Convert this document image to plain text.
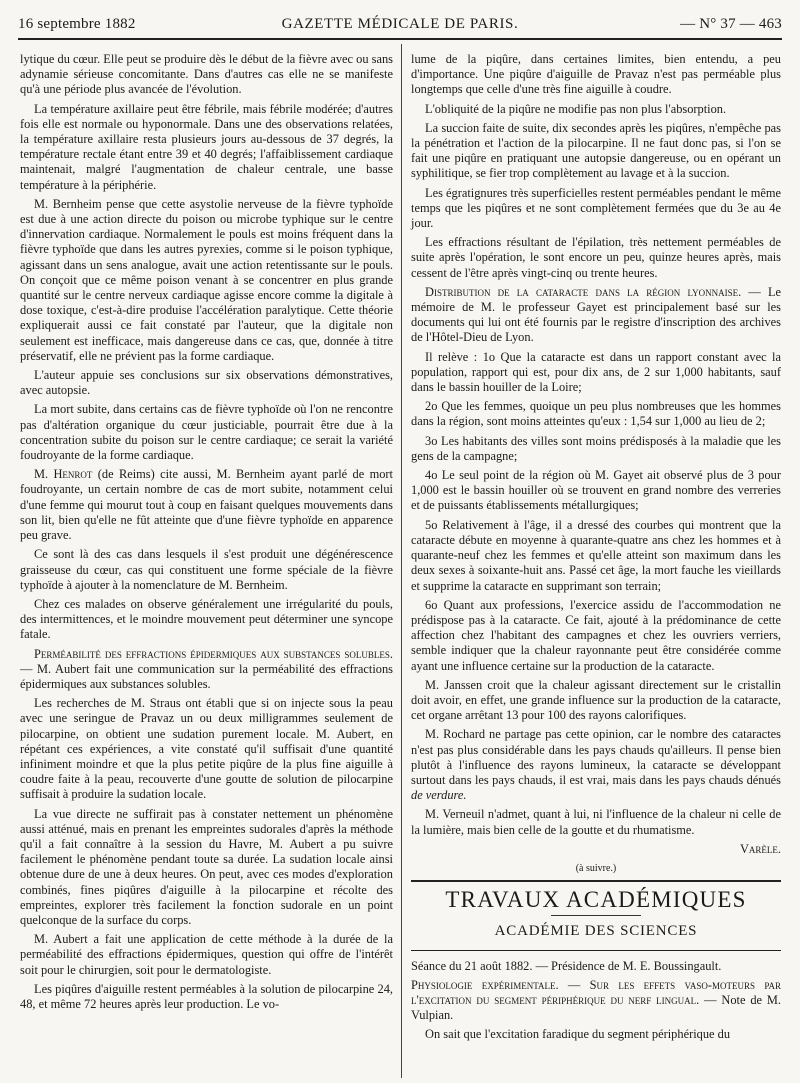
16 septembre 1882	GAZETTE MÉDICALE DE PARIS.	— N° 37 — 463

lytique du cœur. Elle peut se produire dès le début de la fièvre avec ou sans adynamie sérieuse concomitante. Dans d'autres cas elle ne se manifeste qu'à une période plus avancée de l'évolution.

La température axillaire peut être fébrile, mais fébrile modérée; d'autres fois elle est normale ou hyponormale. Dans une des observations relatées, la température axillaire resta plusieurs jours au-dessous de 37 degrés, la température rectale étant entre 39 et 40 degrés; l'affaiblissement cardiaque maintenait, malgré l'augmentation de chaleur centrale, une basse température à la périphérie.

M. Bernheim pense que cette asystolie nerveuse de la fièvre typhoïde est due à une action directe du poison ou microbe typhique sur le centre d'innervation cardiaque. Normalement le pouls est moins fréquent dans la fièvre typhoïde que dans les autres pyrexies, comme si le poison typhique, agissant dans un sens analogue, avait une action retentissante sur le pouls. On conçoit que ce même poison venant à se concentrer en plus grande quantité sur le centre nerveux cardiaque agisse encore comme la digitale à dose toxique, c'est-à-dire produise l'accélération paralytique. Cette théorie expliquerait aussi ce fait constaté par l'auteur, que la digitale non seulement est inefficace, mais dangereuse dans ce cas, que, donnée à titre préservatif, elle ne prévient pas la forme cardiaque.

L'auteur appuie ses conclusions sur six observations démonstratives, avec autopsie.

La mort subite, dans certains cas de fièvre typhoïde où l'on ne rencontre pas d'altération organique du cœur justiciable, pourrait être due à la concentration subite du poison sur le centre cardiaque; ce serait la variété foudroyante de la forme cardiaque.

M. Henrot (de Reims) cite aussi, M. Bernheim ayant parlé de mort foudroyante, un certain nombre de cas de mort subite, notamment celui d'une femme qui mourut tout à coup en faisant quelques mouvements dans son lit, bien qu'elle ne fût atteinte que d'une fièvre typhoïde en apparence peu grave.

Ce sont là des cas dans lesquels il s'est produit une dégénérescence graisseuse du cœur, cas qui constituent une forme spéciale de la fièvre typhoïde à ajouter à la nomenclature de M. Bernheim.

Chez ces malades on observe généralement une irrégularité du pouls, des intermittences, et le moindre mouvement peut déterminer une syncope fatale.

Perméabilité des effractions épidermiques aux substances solubles. — M. Aubert fait une communication sur la perméabilité des effractions épidermiques aux substances solubles.

Les recherches de M. Straus ont établi que si on injecte sous la peau avec une seringue de Pravaz un ou deux milligrammes seulement de pilocarpine, on obtient une sudation purement locale. M. Aubert, en répétant ces expériences, a vite constaté qu'il suffisait d'une quantité infiniment moindre et que la plus petite piqûre de la plus fine aiguille à coudre faite à la peau, recouverte d'une goutte de solution de pilocarpine suffisait à produire la sudation locale.

La vue directe ne suffirait pas à constater nettement un phénomène aussi atténué, mais en prenant les empreintes sudorales d'après la méthode qu'il a fait connaître à la session du Havre, M. Aubert a pu suivre facilement le phénomène pendant toute sa durée. La sudation locale ainsi obtenue dure de une à deux heures. On peut, avec ces modes d'exploration combinés, fines piqûres d'aiguille à la pilocarpine et récolte des empreintes, explorer très facilement la fonction sudorale en un point quelconque de la surface du corps.

M. Aubert a fait une application de cette méthode à la durée de la perméabilité des effractions épidermiques, question qui offre de l'intérêt soit pour le chirurgien, soit pour le dermatologiste.

Les piqûres d'aiguille restent perméables à la solution de pilocarpine 24, 48, et même 72 heures après leur production. Le vo-

lume de la piqûre, dans certaines limites, bien entendu, a peu d'importance. Une piqûre d'aiguille de Pravaz n'est pas perméable plus longtemps que celle d'une très fine aiguille à coudre.

L'obliquité de la piqûre ne modifie pas non plus l'absorption.

La succion faite de suite, dix secondes après les piqûres, n'empêche pas la pénétration et l'action de la pilocarpine. Il ne faut donc pas, si l'on se fait une piqûre en pratiquant une autopsie dangereuse, ou en opérant un syphilitique, se fier trop complètement au lavage et à la succion.

Les égratignures très superficielles restent perméables pendant le même temps que les piqûres et ne sont complètement fermées que du 3e au 4e jour.

Les effractions résultant de l'épilation, très nettement perméables de suite après l'opération, le sont encore un peu, quinze heures après, mais cessent de l'être après vingt-cinq ou trente heures.

Distribution de la cataracte dans la région lyonnaise. — Le mémoire de M. le professeur Gayet est principalement basé sur les documents qui lui ont été fournis par le registre d'inscription des archives de l'Hôtel-Dieu de Lyon.

Il relève : 1o Que la cataracte est dans un rapport constant avec la population, rapport qui est, pour dix ans, de 2 sur 1,000 habitants, sauf dans le bassin houiller de la Loire;

2o Que les femmes, quoique un peu plus nombreuses que les hommes dans la région, sont moins atteintes qu'eux : 1,54 sur 1,000 au lieu de 2;

3o Les habitants des villes sont moins prédisposés à la maladie que les gens de la campagne;

4o Le seul point de la région où M. Gayet ait observé plus de 3 pour 1,000 est le bassin houiller où se trouvent en grand nombre des verreries et de puissants établissements métallurgiques;

5o Relativement à l'âge, il a dressé des courbes qui montrent que la cataracte débute en moyenne à quarante-quatre ans chez les hommes et à quarante-neuf chez les femmes et qu'elle atteint son maximum dans les deux sexes à soixante-huit ans. Passé cet âge, la mort fauche les vieillards et supprime la cataracte en supprimant son terrain;

6o Quant aux professions, l'exercice assidu de l'accommodation ne prédispose pas à la cataracte. Ce fait, ajouté à la prédominance de cette affection chez l'habitant des campagnes et chez les ouvriers verriers, semble indiquer que la chaleur rayonnante peut être considérée comme ayant une influence certaine sur la production de la cataracte.

M. Janssen croit que la chaleur agissant directement sur le cristallin doit avoir, en effet, une grande influence sur la production de la cataracte, cet organe arrêtant 13 pour 100 des rayons calorifiques.

M. Rochard ne partage pas cette opinion, car le nombre des cataractes n'est pas plus considérable dans les pays chauds qu'ailleurs. Il pense bien plutôt à l'influence des rayons lumineux, la cataracte se développant surtout dans les pays chauds, il est vrai, mais dans les pays chauds dénués de verdure.

M. Verneuil n'admet, quant à lui, ni l'influence de la chaleur ni celle de la lumière, mais bien celle de la goutte et du rhumatisme.

Varèle.

(à suivre.)

TRAVAUX ACADÉMIQUES
ACADÉMIE DES SCIENCES

Séance du 21 août 1882. — Présidence de M. E. Boussingault.

Physiologie expérimentale. — Sur les effets vaso-moteurs par l'excitation du segment périphérique du nerf lingual. — Note de M. Vulpian.

On sait que l'excitation faradique du segment périphérique du
